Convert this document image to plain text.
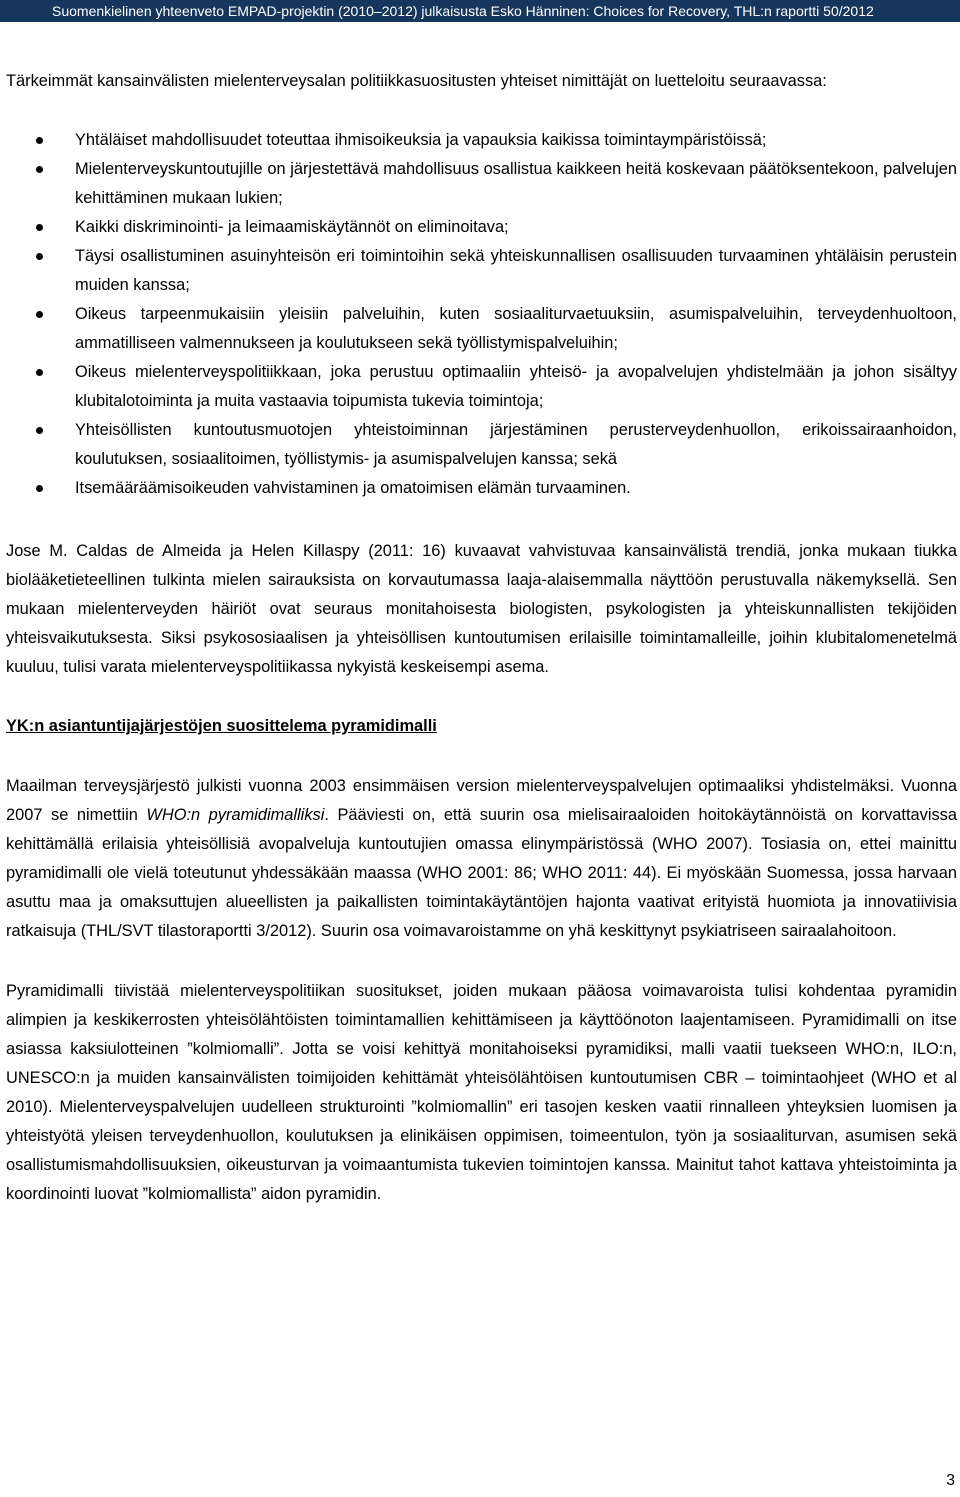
Suomenkielinen yhteenveto EMPAD-projektin (2010–2012) julkaisusta Esko Hänninen: Choices for Recovery, THL:n raportti 50/2012

Tärkeimmät kansainvälisten mielenterveysalan politiikkasuositusten yhteiset nimittäjät on luetteloitu seuraavassa:

Yhtäläiset mahdollisuudet toteuttaa ihmisoikeuksia ja vapauksia kaikissa toimintaympäristöissä;
Mielenterveyskuntoutujille on järjestettävä mahdollisuus osallistua kaikkeen heitä koskevaan päätöksentekoon, palvelujen kehittäminen mukaan lukien;
Kaikki diskriminointi- ja leimaamiskäytännöt on eliminoitava;
Täysi osallistuminen asuinyhteisön eri toimintoihin sekä yhteiskunnallisen osallisuuden turvaaminen yhtäläisin perustein muiden kanssa;
Oikeus tarpeenmukaisiin yleisiin palveluihin, kuten sosiaaliturvaetuuksiin, asumispalveluihin, terveydenhuoltoon, ammatilliseen valmennukseen ja koulutukseen sekä työllistymispalveluihin;
Oikeus mielenterveyspolitiikkaan, joka perustuu optimaaliin yhteisö- ja avopalvelujen yhdistelmään ja johon sisältyy klubitalotoiminta ja muita vastaavia toipumista tukevia toimintoja;
Yhteisöllisten kuntoutusmuotojen yhteistoiminnan järjestäminen perusterveydenhuollon, erikoissairaanhoidon, koulutuksen, sosiaalitoimen, työllistymis- ja asumispalvelujen kanssa; sekä
Itsemääräämisoikeuden vahvistaminen ja omatoimisen elämän turvaaminen.

Jose M. Caldas de Almeida ja Helen Killaspy (2011: 16) kuvaavat vahvistuvaa kansainvälistä trendiä, jonka mukaan tiukka biolääketieteellinen tulkinta mielen sairauksista on korvautumassa laaja-alaisemmalla näyttöön perustuvalla näkemyksellä. Sen mukaan mielenterveyden häiriöt ovat seuraus monitahoisesta biologisten, psykologisten ja yhteiskunnallisten tekijöiden yhteisvaikutuksesta. Siksi psykososiaalisen ja yhteisöllisen kuntoutumisen erilaisille toimintamalleille, joihin klubitalomenetelmä kuuluu, tulisi varata mielenterveyspolitiikassa nykyistä keskeisempi asema.

YK:n asiantuntijajärjestöjen suosittelema pyramidimalli

Maailman terveysjärjestö julkisti vuonna 2003 ensimmäisen version mielenterveyspalvelujen optimaaliksi yhdistelmäksi. Vuonna 2007 se nimettiin WHO:n pyramidimalliksi. Pääviesti on, että suurin osa mielisairaaloiden hoitokäytännöistä on korvattavissa kehittämällä erilaisia yhteisöllisiä avopalveluja kuntoutujien omassa elinympäristössä (WHO 2007). Tosiasia on, ettei mainittu pyramidimalli ole vielä toteutunut yhdessäkään maassa (WHO 2001: 86; WHO 2011: 44). Ei myöskään Suomessa, jossa harvaan asuttu maa ja omaksuttujen alueellisten ja paikallisten toimintakäytäntöjen hajonta vaativat erityistä huomiota ja innovatiivisia ratkaisuja (THL/SVT tilastoraportti 3/2012). Suurin osa voimavaroistamme on yhä keskittynyt psykiatriseen sairaalahoitoon.

Pyramidimalli tiivistää mielenterveyspolitiikan suositukset, joiden mukaan pääosa voimavaroista tulisi kohdentaa pyramidin alimpien ja keskikerrosten yhteisölähtöisten toimintamallien kehittämiseen ja käyttöönoton laajentamiseen. Pyramidimalli on itse asiassa kaksiulotteinen ”kolmiomalli”. Jotta se voisi kehittyä monitahoiseksi pyramidiksi, malli vaatii tuekseen WHO:n, ILO:n, UNESCO:n ja muiden kansainvälisten toimijoiden kehittämät yhteisölähtöisen kuntoutumisen CBR – toimintaohjeet (WHO et al 2010). Mielenterveyspalvelujen uudelleen strukturointi ”kolmiomallin” eri tasojen kesken vaatii rinnalleen yhteyksien luomisen ja yhteistyötä yleisen terveydenhuollon, koulutuksen ja elinikäisen oppimisen, toimeentulon, työn ja sosiaaliturvan, asumisen sekä osallistumismahdollisuuksien, oikeusturvan ja voimaantumista tukevien toimintojen kanssa. Mainitut tahot kattava yhteistoiminta ja koordinointi luovat ”kolmiomallista” aidon pyramidin.

3
